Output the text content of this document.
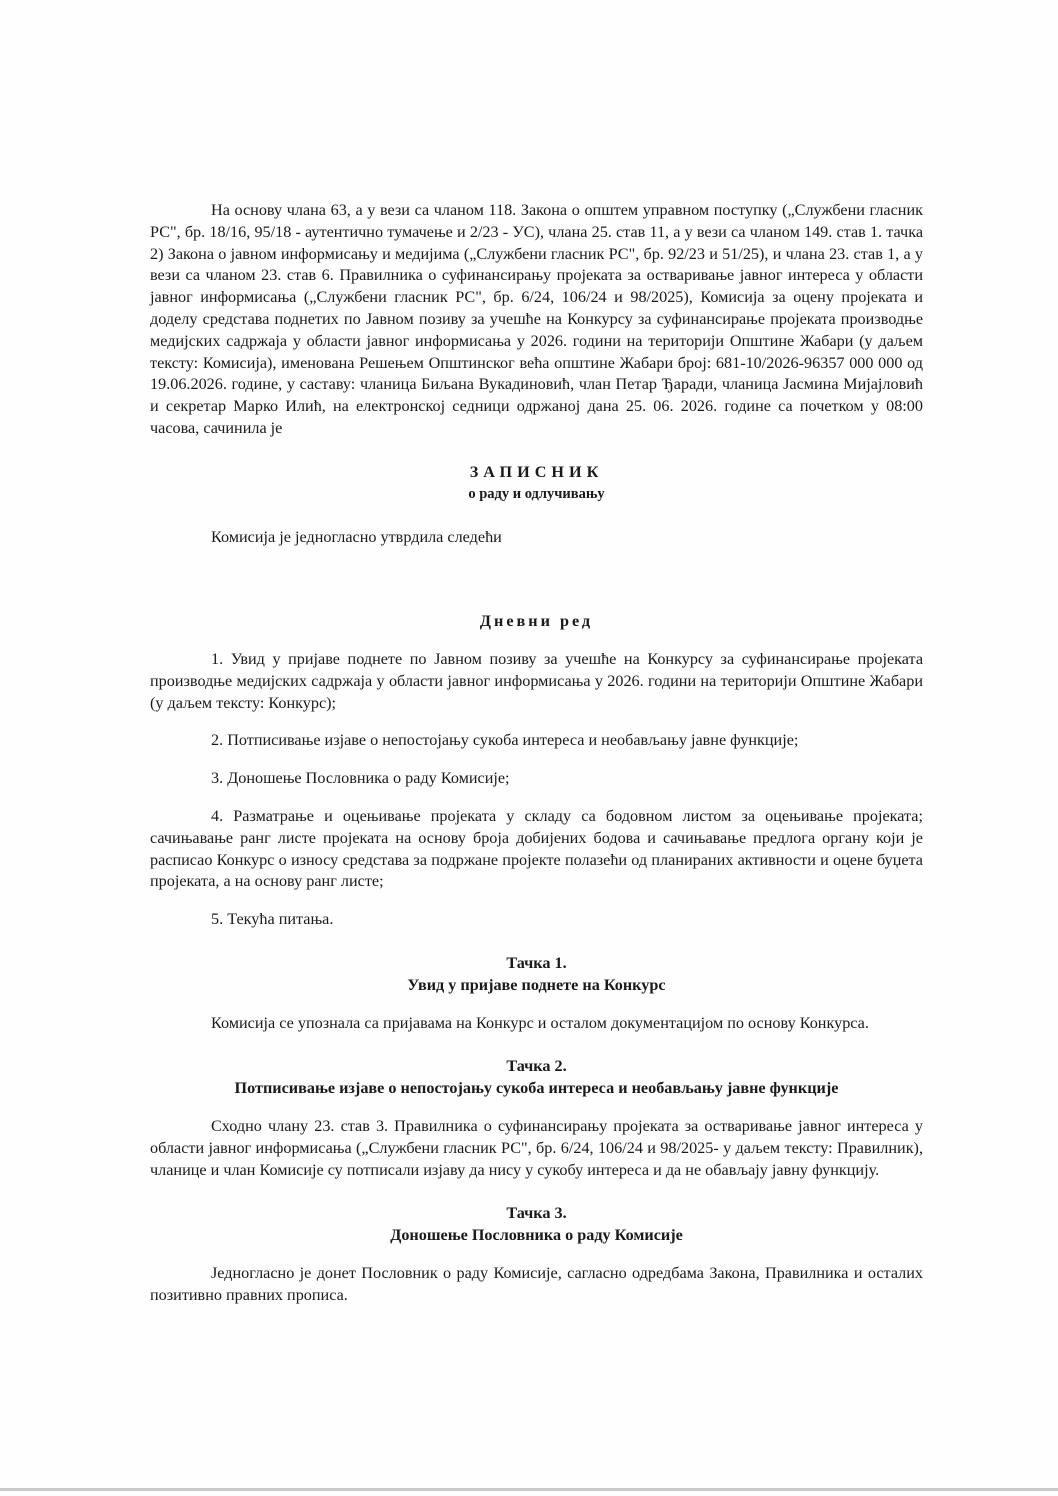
На основу члана 63, а у вези са чланом 118. Закона о општем управном поступку („Службени гласник РС", бр. 18/16, 95/18 - аутентично тумачење и 2/23 - УС), члана 25. став 11, а у вези са чланом 149. став 1. тачка 2) Закона о јавном информисању и медијима („Службени гласник РС", бр. 92/23 и 51/25), и члана 23. став 1, а у вези са чланом 23. став 6. Правилника о суфинансирању пројеката за остваривање јавног интереса у области јавног информисања („Службени гласник РС", бр. 6/24, 106/24 и 98/2025), Комисија за оцену пројеката и доделу средстава поднетих по Јавном позиву за учешће на Конкурсу за суфинансирање пројеката производње медијских садржаја у области јавног информисања у 2026. години на територији Општине Жабари (у даљем тексту: Комисија), именована Решењем Општинског већа општине Жабари број: 681-10/2026-96357 000 000 од 19.06.2026. године, у саставу: чланица Биљана Вукадиновић, члан Петар Ђаради, чланица Јасмина Мијајловић и секретар Марко Илић, на електронској седници одржаној дана 25. 06. 2026. године са почетком у 08:00 часова, сачинила је

ЗАПИСНИК

о раду и одлучивању

Комисија је једногласно утврдила следећи

Дневни ред

1. Увид у пријаве поднете по Јавном позиву за учешће на Конкурсу за суфинансирање пројеката производње медијских садржаја у области јавног информисања у 2026. години на територији Општине Жабари (у даљем тексту: Конкурс);

2. Потписивање изјаве о непостојању сукоба интереса и необављању јавне функције;

3. Доношење Пословника о раду Комисије;

4. Разматрање и оцењивање пројеката у складу са бодовном листом за оцењивање пројеката; сачињавање ранг листе пројеката на основу броја добијених бодова и сачињавање предлога органу који је расписао Конкурс о износу средстава за подржане пројекте полазећи од планираних активности и оцене буџета пројеката, а на основу ранг листе;

5. Текућа питања.

Тачка 1.

Увид у пријаве поднете на Конкурс

Комисија се упознала са пријавама на Конкурс и осталом документацијом по основу Конкурса.

Тачка 2.

Потписивање изјаве о непостојању сукоба интереса и необављању јавне функције

Сходно члану 23. став 3. Правилника о суфинансирању пројеката за остваривање јавног интереса у области јавног информисања („Службени гласник РС", бр. 6/24, 106/24 и 98/2025- у даљем тексту: Правилник), чланице и члан Комисије су потписали изјаву да нису у сукобу интереса и да не обављају јавну функцију.

Тачка 3.

Доношење Пословника о раду Комисије

Једногласно је донет Пословник о раду Комисије, сагласно одредбама Закона, Правилника и осталих позитивно правних прописа.
